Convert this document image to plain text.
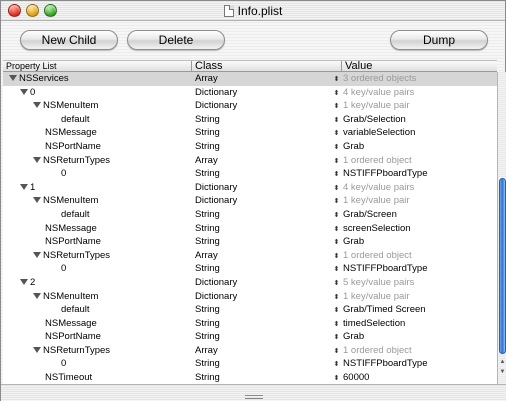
Info.plist
New Child	Delete	Dump
Property List	Class	Value
NSServices	Array	⬍ 3 ordered objects
0	Dictionary	⬍ 4 key/value pairs
NSMenuItem	Dictionary	⬍ 1 key/value pair
default	String	⬍ Grab/Selection
NSMessage	String	⬍ variableSelection
NSPortName	String	⬍ Grab
NSReturnTypes	Array	⬍ 1 ordered object
0	String	⬍ NSTIFFPboardType
1	Dictionary	⬍ 4 key/value pairs
NSMenuItem	Dictionary	⬍ 1 key/value pair
default	String	⬍ Grab/Screen
NSMessage	String	⬍ screenSelection
NSPortName	String	⬍ Grab
NSReturnTypes	Array	⬍ 1 ordered object
0	String	⬍ NSTIFFPboardType
2	Dictionary	⬍ 5 key/value pairs
NSMenuItem	Dictionary	⬍ 1 key/value pair
default	String	⬍ Grab/Timed Screen
NSMessage	String	⬍ timedSelection
NSPortName	String	⬍ Grab
NSReturnTypes	Array	⬍ 1 ordered object
0	String	⬍ NSTIFFPboardType
NSTimeout	String	⬍ 60000
▲
▼
